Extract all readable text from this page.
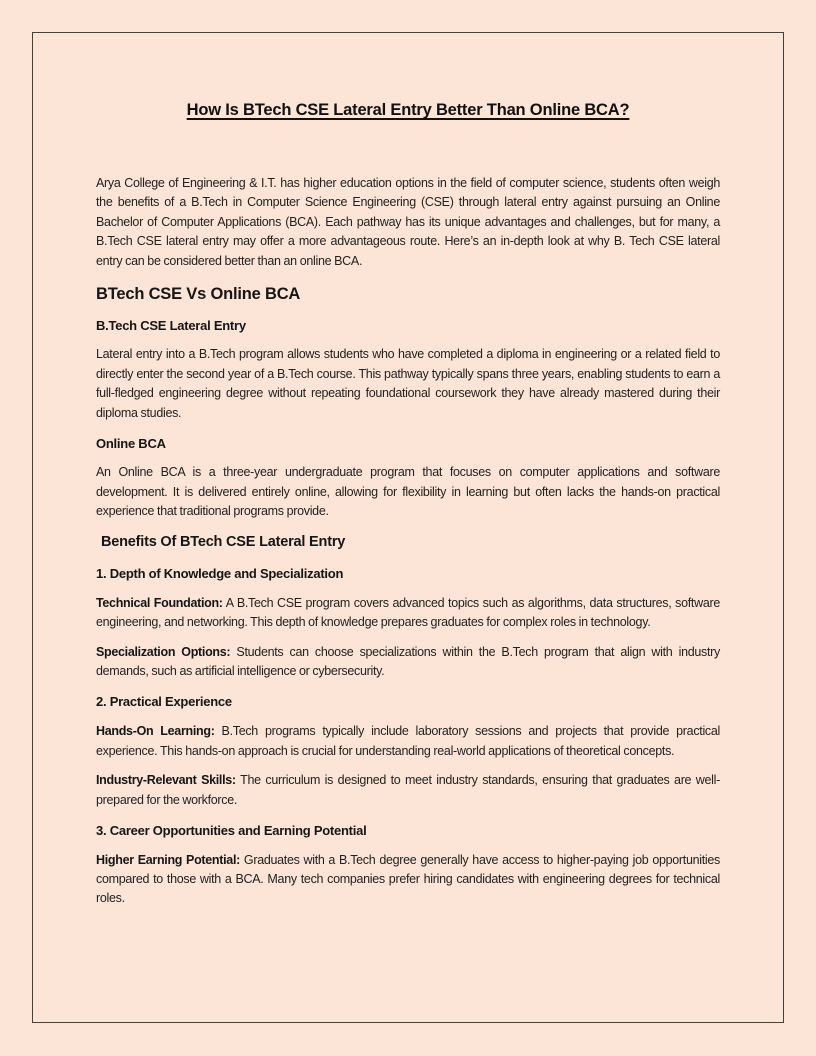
How Is BTech CSE Lateral Entry Better Than Online BCA?

Arya College of Engineering & I.T. has higher education options in the field of computer science, students often weigh the benefits of a B.Tech in Computer Science Engineering (CSE) through lateral entry against pursuing an Online Bachelor of Computer Applications (BCA). Each pathway has its unique advantages and challenges, but for many, a B.Tech CSE lateral entry may offer a more advantageous route. Here’s an in-depth look at why B. Tech CSE lateral entry can be considered better than an online BCA.

BTech CSE Vs Online BCA
B.Tech CSE Lateral Entry

Lateral entry into a B.Tech program allows students who have completed a diploma in engineering or a related field to directly enter the second year of a B.Tech course. This pathway typically spans three years, enabling students to earn a full-fledged engineering degree without repeating foundational coursework they have already mastered during their diploma studies.

Online BCA

An Online BCA is a three-year undergraduate program that focuses on computer applications and software development. It is delivered entirely online, allowing for flexibility in learning but often lacks the hands-on practical experience that traditional programs provide.

Benefits Of BTech CSE Lateral Entry
1. Depth of Knowledge and Specialization

Technical Foundation: A B.Tech CSE program covers advanced topics such as algorithms, data structures, software engineering, and networking. This depth of knowledge prepares graduates for complex roles in technology.

Specialization Options: Students can choose specializations within the B.Tech program that align with industry demands, such as artificial intelligence or cybersecurity.

2. Practical Experience

Hands-On Learning: B.Tech programs typically include laboratory sessions and projects that provide practical experience. This hands-on approach is crucial for understanding real-world applications of theoretical concepts.

Industry-Relevant Skills: The curriculum is designed to meet industry standards, ensuring that graduates are well-prepared for the workforce.

3. Career Opportunities and Earning Potential

Higher Earning Potential: Graduates with a B.Tech degree generally have access to higher-paying job opportunities compared to those with a BCA. Many tech companies prefer hiring candidates with engineering degrees for technical roles.
